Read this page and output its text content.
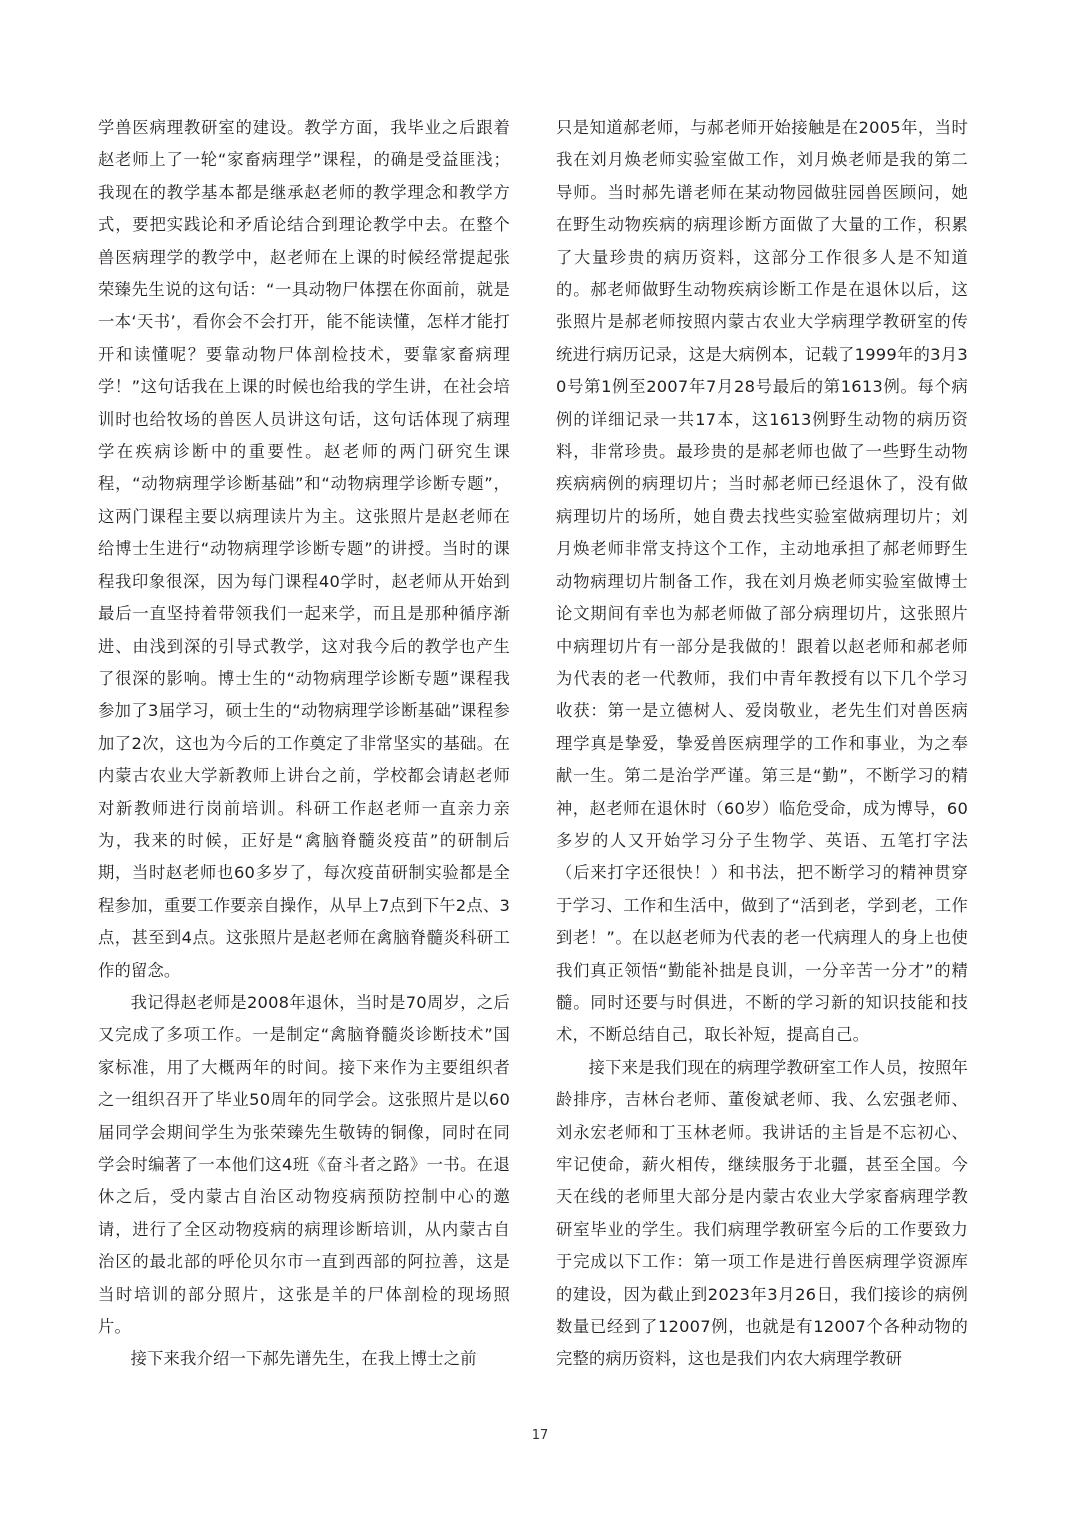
学兽医病理教研室的建设。教学方面，我毕业之后跟着赵老师上了一轮“家畜病理学”课程，的确是受益匪浅；我现在的教学基本都是继承赵老师的教学理念和教学方式，要把实践论和矛盾论结合到理论教学中去。在整个兽医病理学的教学中，赵老师在上课的时候经常提起张荣臻先生说的这句话：“一具动物尸体摆在你面前，就是一本‘天书’，看你会不会打开，能不能读懂，怎样才能打开和读懂呢？要靠动物尸体剖检技术，要靠家畜病理学！”这句话我在上课的时候也给我的学生讲，在社会培训时也给牧场的兽医人员讲这句话，这句话体现了病理学在疾病诊断中的重要性。赵老师的两门研究生课程，“动物病理学诊断基础”和“动物病理学诊断专题”，这两门课程主要以病理读片为主。这张照片是赵老师在给博士生进行“动物病理学诊断专题”的讲授。当时的课程我印象很深，因为每门课程40学时，赵老师从开始到最后一直坚持着带领我们一起来学，而且是那种循序渐进、由浅到深的引导式教学，这对我今后的教学也产生了很深的影响。博士生的“动物病理学诊断专题”课程我参加了3届学习，硕士生的“动物病理学诊断基础”课程参加了2次，这也为今后的工作奠定了非常坚实的基础。在内蒙古农业大学新教师上讲台之前，学校都会请赵老师对新教师进行岗前培训。科研工作赵老师一直亲力亲为，我来的时候，正好是“禽脑脊髓炎疫苗”的研制后期，当时赵老师也60多岁了，每次疫苗研制实验都是全程参加，重要工作要亲自操作，从早上7点到下午2点、3点，甚至到4点。这张照片是赵老师在禽脑脊髓炎科研工作的留念。

我记得赵老师是2008年退休，当时是70周岁，之后又完成了多项工作。一是制定“禽脑脊髓炎诊断技术”国家标准，用了大概两年的时间。接下来作为主要组织者之一组织召开了毕业50周年的同学会。这张照片是以60届同学会期间学生为张荣臻先生敬铸的铜像，同时在同学会时编著了一本他们这4班《奋斗者之路》一书。在退休之后，受内蒙古自治区动物疫病预防控制中心的邀请，进行了全区动物疫病的病理诊断培训，从内蒙古自治区的最北部的呼伦贝尔市一直到西部的阿拉善，这是当时培训的部分照片，这张是羊的尸体剖检的现场照片。

接下来我介绍一下郝先谱先生，在我上博士之前

只是知道郝老师，与郝老师开始接触是在2005年，当时我在刘月焕老师实验室做工作，刘月焕老师是我的第二导师。当时郝先谱老师在某动物园做驻园兽医顾问，她在野生动物疾病的病理诊断方面做了大量的工作，积累了大量珍贵的病历资料，这部分工作很多人是不知道的。郝老师做野生动物疾病诊断工作是在退休以后，这张照片是郝老师按照内蒙古农业大学病理学教研室的传统进行病历记录，这是大病例本，记载了1999年的3月30号第1例至2007年7月28号最后的第1613例。每个病例的详细记录一共17本，这1613例野生动物的病历资料，非常珍贵。最珍贵的是郝老师也做了一些野生动物疾病病例的病理切片；当时郝老师已经退休了，没有做病理切片的场所，她自费去找些实验室做病理切片；刘月焕老师非常支持这个工作，主动地承担了郝老师野生动物病理切片制备工作，我在刘月焕老师实验室做博士论文期间有幸也为郝老师做了部分病理切片，这张照片中病理切片有一部分是我做的！跟着以赵老师和郝老师为代表的老一代教师，我们中青年教授有以下几个学习收获：第一是立德树人、爱岗敬业，老先生们对兽医病理学真是挚爱，挚爱兽医病理学的工作和事业，为之奉献一生。第二是治学严谨。第三是“勤”，不断学习的精神，赵老师在退休时（60岁）临危受命，成为博导，60多岁的人又开始学习分子生物学、英语、五笔打字法（后来打字还很快！）和书法，把不断学习的精神贯穿于学习、工作和生活中，做到了“活到老，学到老，工作到老！”。在以赵老师为代表的老一代病理人的身上也使我们真正领悟“勤能补拙是良训，一分辛苦一分才”的精髓。同时还要与时俱进，不断的学习新的知识技能和技术，不断总结自己，取长补短，提高自己。

接下来是我们现在的病理学教研室工作人员，按照年龄排序，吉林台老师、董俊斌老师、我、么宏强老师、刘永宏老师和丁玉林老师。我讲话的主旨是不忘初心、牢记使命，薪火相传，继续服务于北疆，甚至全国。今天在线的老师里大部分是内蒙古农业大学家畜病理学教研室毕业的学生。我们病理学教研室今后的工作要致力于完成以下工作：第一项工作是进行兽医病理学资源库的建设，因为截止到2023年3月26日，我们接诊的病例数量已经到了12007例，也就是有12007个各种动物的完整的病历资料，这也是我们内农大病理学教研

17
